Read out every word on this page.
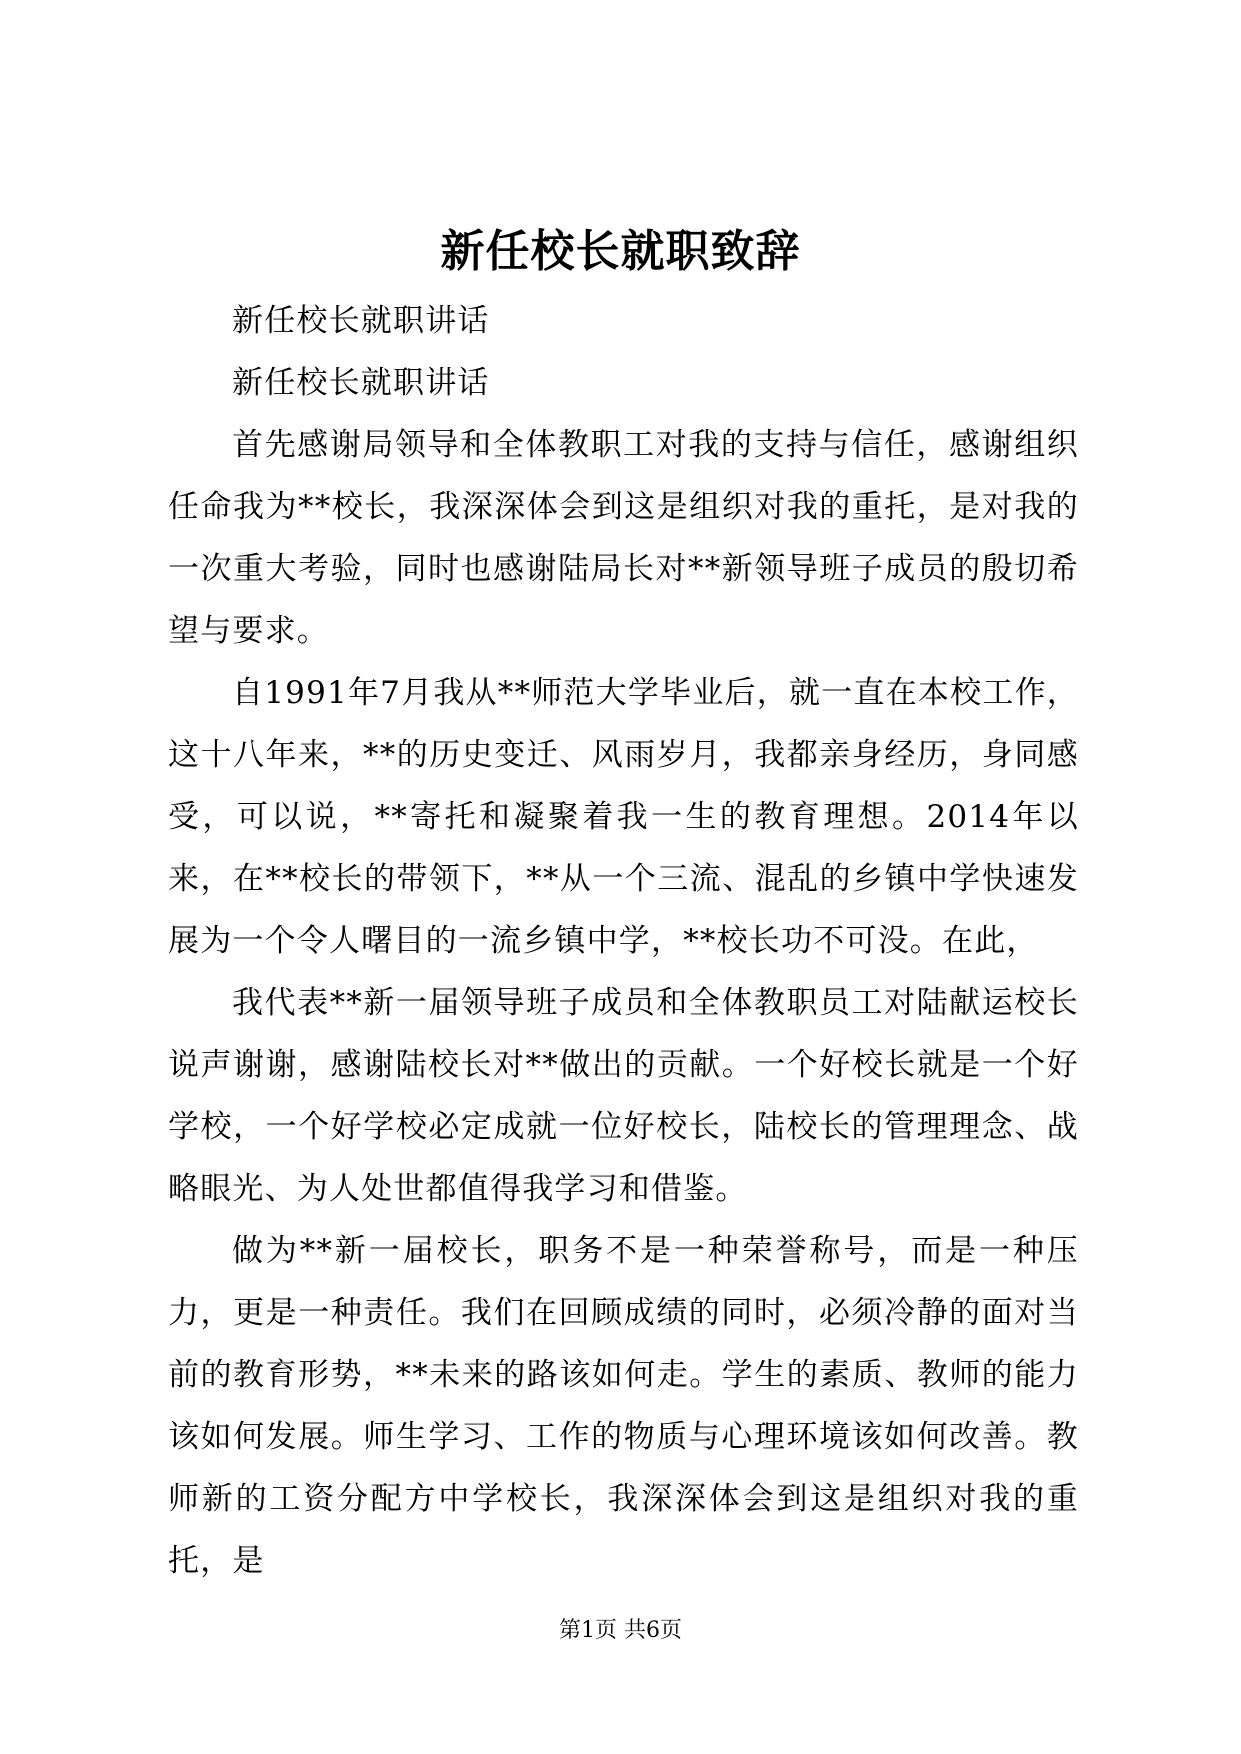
新任校长就职致辞

新任校长就职讲话

新任校长就职讲话

首先感谢局领导和全体教职工对我的支持与信任，感谢组织任命我为**校长，我深深体会到这是组织对我的重托，是对我的一次重大考验，同时也感谢陆局长对**新领导班子成员的殷切希望与要求。

自1991年7月我从**师范大学毕业后，就一直在本校工作，这十八年来，**的历史变迁、风雨岁月，我都亲身经历，身同感受，可以说，**寄托和凝聚着我一生的教育理想。2014年以来，在**校长的带领下，**从一个三流、混乱的乡镇中学快速发展为一个令人曙目的一流乡镇中学，**校长功不可没。在此，

我代表**新一届领导班子成员和全体教职员工对陆献运校长说声谢谢，感谢陆校长对**做出的贡献。一个好校长就是一个好学校，一个好学校必定成就一位好校长，陆校长的管理理念、战略眼光、为人处世都值得我学习和借鉴。

做为**新一届校长，职务不是一种荣誉称号，而是一种压力，更是一种责任。我们在回顾成绩的同时，必须冷静的面对当前的教育形势，**未来的路该如何走。学生的素质、教师的能力该如何发展。师生学习、工作的物质与心理环境该如何改善。教师新的工资分配方中学校长，我深深体会到这是组织对我的重托，是

第1页 共6页
